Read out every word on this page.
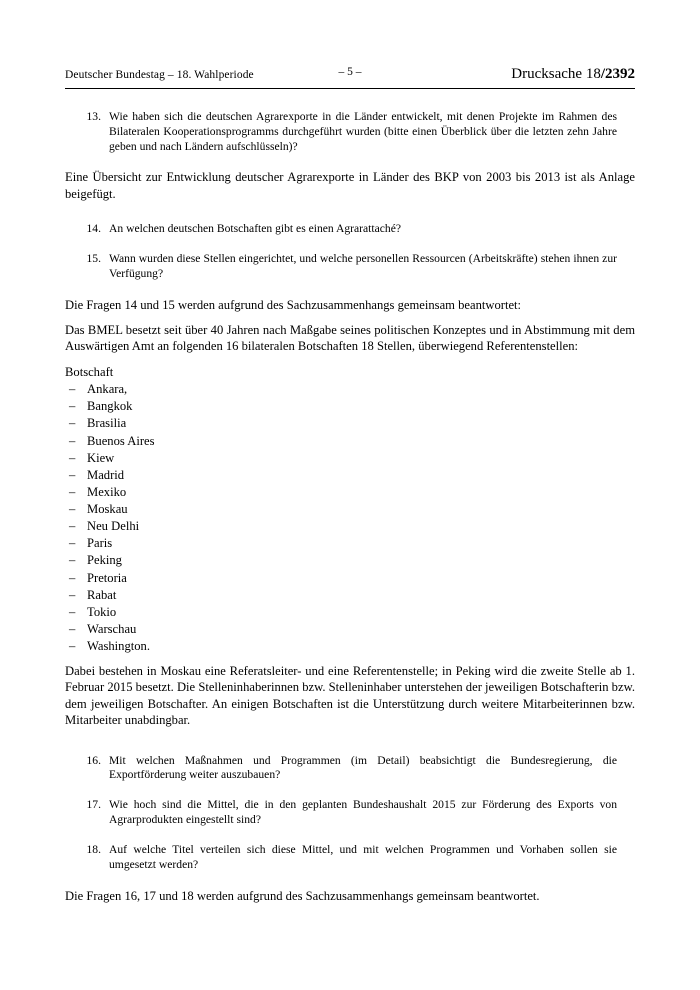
Deutscher Bundestag – 18. Wahlperiode	– 5 –	Drucksache 18/2392
13. Wie haben sich die deutschen Agrarexporte in die Länder entwickelt, mit denen Projekte im Rahmen des Bilateralen Kooperationsprogramms durchgeführt wurden (bitte einen Überblick über die letzten zehn Jahre geben und nach Ländern aufschlüsseln)?

Eine Übersicht zur Entwicklung deutscher Agrarexporte in Länder des BKP von 2003 bis 2013 ist als Anlage beigefügt.

14. An welchen deutschen Botschaften gibt es einen Agrarattaché?
15. Wann wurden diese Stellen eingerichtet, und welche personellen Ressourcen (Arbeitskräfte) stehen ihnen zur Verfügung?

Die Fragen 14 und 15 werden aufgrund des Sachzusammenhangs gemeinsam beantwortet:

Das BMEL besetzt seit über 40 Jahren nach Maßgabe seines politischen Konzeptes und in Abstimmung mit dem Auswärtigen Amt an folgenden 16 bilateralen Botschaften 18 Stellen, überwiegend Referentenstellen:

Botschaft

– Ankara,
– Bangkok
– Brasilia
– Buenos Aires
– Kiew
– Madrid
– Mexiko
– Moskau
– Neu Delhi
– Paris
– Peking
– Pretoria
– Rabat
– Tokio
– Warschau
– Washington.

Dabei bestehen in Moskau eine Referatsleiter- und eine Referentenstelle; in Peking wird die zweite Stelle ab 1. Februar 2015 besetzt. Die Stelleninhaberinnen bzw. Stelleninhaber unterstehen der jeweiligen Botschafterin bzw. dem jeweiligen Botschafter. An einigen Botschaften ist die Unterstützung durch weitere Mitarbeiterinnen bzw. Mitarbeiter unabdingbar.

16. Mit welchen Maßnahmen und Programmen (im Detail) beabsichtigt die Bundesregierung, die Exportförderung weiter auszubauen?
17. Wie hoch sind die Mittel, die in den geplanten Bundeshaushalt 2015 zur Förderung des Exports von Agrarprodukten eingestellt sind?
18. Auf welche Titel verteilen sich diese Mittel, und mit welchen Programmen und Vorhaben sollen sie umgesetzt werden?

Die Fragen 16, 17 und 18 werden aufgrund des Sachzusammenhangs gemeinsam beantwortet.
